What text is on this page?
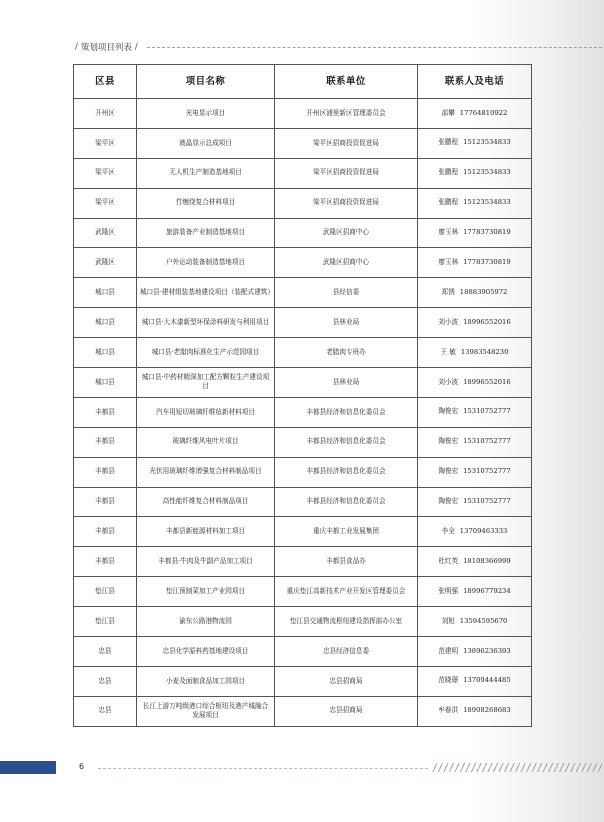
/ 策划项目列表 /
区县	项目名称	联系单位	联系人及电话
开州区	光电显示项目	开州区浦里新区管理委员会	邵攀 17764810922
梁平区	液晶显示总成项目	梁平区招商投资促进局	张鹏程 15123534833
梁平区	无人机生产制造基地项目	梁平区招商投资促进局	张鹏程 15123534833
梁平区	竹缠绕复合材料项目	梁平区招商投资促进局	张鹏程 15123534833
武隆区	旅游装备产业制造基地项目	武隆区招商中心	廖玉林 17783730819
武隆区	户外运动装备制造基地项目	武隆区招商中心	廖玉林 17783730819
城口县	城口县·建材组装基地建设项目（装配式建筑）	县经信委	郑锈 18883905972
城口县	城口县·大木漆新型环保涂料研发与利用项目	县林业局	刘小波 18996552016
城口县	城口县·老腊肉标准化生产示范园项目	老腊肉专班办	王 敏 13983548230
城口县	城口县·中药材精深加工配方颗粒生产建设项目	县林业局	刘小波 18996552016
丰都县	汽车用短切玻璃纤维毡新材料项目	丰都县经济和信息化委员会	陶俊宏 15310752777
丰都县	玻璃纤维风电叶片项目	丰都县经济和信息化委员会	陶俊宏 15310752777
丰都县	光伏用玻璃纤维增强复合材料制品项目	丰都县经济和信息化委员会	陶俊宏 15310752777
丰都县	高性能纤维复合材料制品项目	丰都县经济和信息化委员会	陶俊宏 15310752777
丰都县	丰都县新能源材料加工项目	重庆丰都工业发展集团	李全 13709463333
丰都县	丰都县·牛肉及牛副产品加工项目	丰都县食品办	杜红英 18108366999
垫江县	垫江预制菜加工产业园项目	重庆垫江高新技术产业开发区管理委员会	张明强 18996779234
垫江县	渝东公路港物流园	垫江县交通物流枢纽建设指挥部办公室	刘旭 13594595670
忠县	忠县化学原料药基地建设项目	忠县经济信息委	范建明 13896236393
忠县	小麦及面制食品加工园项目	忠县招商局	范晓璟 13709444485
忠县	长江上游万吨级港口综合枢纽及港产城融合发展项目	忠县招商局	牟春洪 18908268683
6
